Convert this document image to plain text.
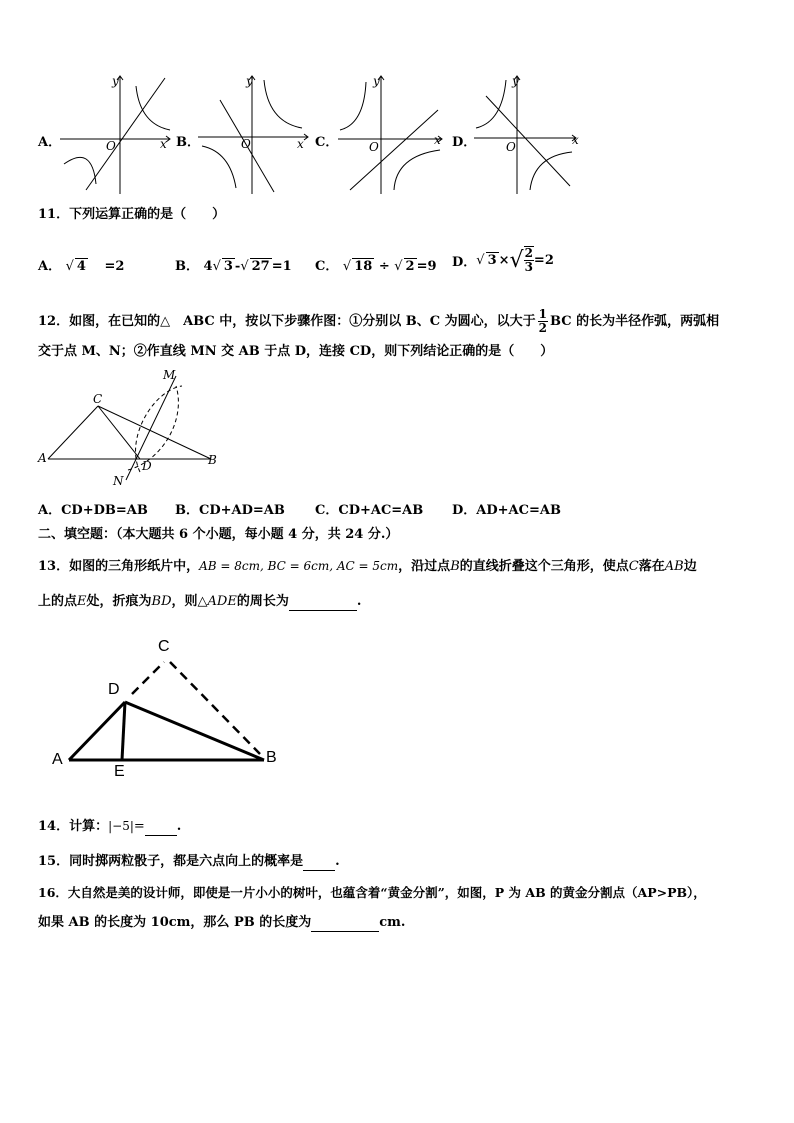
A．
y
x
O	B．
y
x
O	C．
y
x
O	D．
y
x
O
11．下列运算正确的是（　　）
A． √ 4 =2	B． 4√ 3 -√ 27 =1 C． √ 18 ÷ √ 2 =9 D． √ 3 × √ $\frac{2}{3} =2$
12．如图，在已知的△　ABC 中，按以下步骤作图：①分别以 B、C 为圆心，以大于 $\frac{1}{2}$ BC 的长为半径作弧，两弧相
交于点 M、N；②作直线 MN 交 AB 于点 D，连接 CD，则下列结论正确的是（　　）
A	B
C
D
M
N
A．CD+DB=AB B．CD+AD=AB C．CD+AC=AB D．AD+AC=AB
二、填空题：（本大题共 6 个小题，每小题 4 分，共 24 分.）
13．如图的三角形纸片中，AB = 8cm, BC = 6cm, AC = 5cm，沿过点B的直线折叠这个三角形，使点C落在AB边
上的点E处，折痕为BD，则△ADE的周长为	.
A	B
C
D
E
14．计算：|−5|= .
15．同时掷两粒骰子，都是六点向上的概率是 .
16．大自然是美的设计师，即使是一片小小的树叶，也蕴含着“黄金分割”，如图，P 为 AB 的黄金分割点（AP>PB），
如果 AB 的长度为 10cm，那么 PB 的长度为	cm.
